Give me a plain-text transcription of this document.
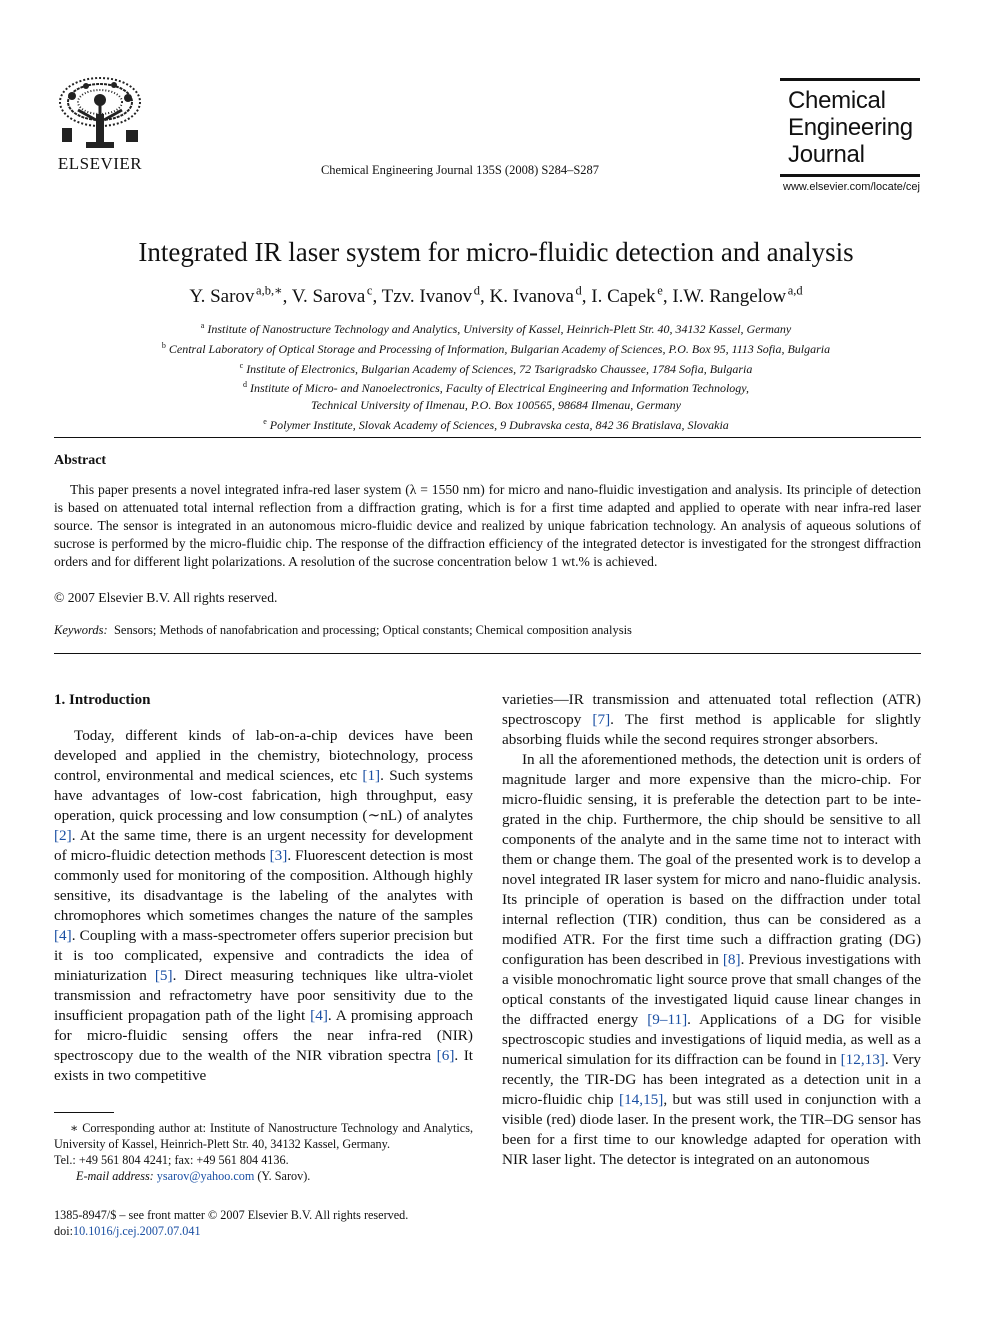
ELSEVIER	Chemical Engineering Journal 135S (2008) S284–S287
Chemical
Engineering
Journal
www.elsevier.com/locate/cej
Integrated IR laser system for micro-fluidic detection and analysis
Y. Sarov  $^{a,b,∗}$, V. Sarova  $^c$, Tzv. Ivanov  $^d$, K. Ivanova  $^d$, I. Capek  $^e$, I.W. Rangelow  $^{a,d}$
$^a$ Institute of Nanostructure Technology and Analytics, University of Kassel, Heinrich-Plett Str. 40, 34132 Kassel, Germany
$^b$ Central Laboratory of Optical Storage and Processing of Information, Bulgarian Academy of Sciences, P.O. Box 95, 1113 Sofia, Bulgaria
$^c$ Institute of Electronics, Bulgarian Academy of Sciences, 72 Tsarigradsko Chaussee, 1784 Sofia, Bulgaria
$^d$ Institute of Micro- and Nanoelectronics, Faculty of Electrical Engineering and Information Technology,
Technical University of Ilmenau, P.O. Box 100565, 98684 Ilmenau, Germany
$^e$ Polymer Institute, Slovak Academy of Sciences, 9 Dubravska cesta, 842 36 Bratislava, Slovakia
Abstract
This paper presents a novel integrated infra-red laser system (λ = 1550 nm) for micro and nano-fluidic investigation and analysis. Its principle of detection is based on attenuated total internal reflection from a diffraction grating, which is for a first time adapted and applied to operate with near infra-red laser source. The sensor is integrated in an autonomous micro-fluidic device and realized by unique fabrication technology. An analysis of aqueous solutions of sucrose is performed by the micro-fluidic chip. The response of the diffraction efficiency of the integrated detector is investigated for the strongest diffraction orders and for different light polarizations. A resolution of the sucrose concentration below 1 wt.% is achieved.
© 2007 Elsevier B.V. All rights reserved.
Keywords: Sensors; Methods of nanofabrication and processing; Optical constants; Chemical composition analysis
1. Introduction

Today, different kinds of lab-on-a-chip devices have been developed and applied in the chemistry, biotechnology, process control, environmental and medical sciences, etc [1]. Such systems have advantages of low-cost fabrication, high throughput, easy operation, quick processing and low consumption (∼nL) of analytes [2]. At the same time, there is an urgent necessity for development of micro-fluidic detection methods [3]. Fluorescent detection is most commonly used for monitoring of the composition. Although highly sensitive, its disadvantage is the labeling of the analytes with chromophores which sometimes changes the nature of the samples [4]. Coupling with a mass-spectrometer offers superior precision but it is too complicated, expensive and contradicts the idea of miniaturization [5]. Direct measuring techniques like ultra-violet transmission and refractometry have poor sensitivity due to the insufficient propagation path of the light [4]. A promising approach for micro-fluidic sensing offers the near infra-red (NIR) spectroscopy due to the wealth of the NIR vibration spectra [6]. It exists in two competitive

varieties—IR transmission and attenuated total reflection (ATR) spectroscopy [7]. The first method is applicable for slightly absorbing fluids while the second requires stronger absorbers.

In all the aforementioned methods, the detection unit is orders of magnitude larger and more expensive than the micro-chip. For micro-fluidic sensing, it is preferable the detection part to be integrated in the chip. Furthermore, the chip should be sensitive to all components of the analyte and in the same time not to interact with them or change them. The goal of the presented work is to develop a novel integrated IR laser system for micro and nano-fluidic analysis. Its principle of operation is based on the diffraction under total internal reflection (TIR) condition, thus can be considered as a modified ATR. For the first time such a diffraction grating (DG) configuration has been described in [8]. Previous investigations with a visible monochromatic light source prove that small changes of the optical constants of the investigated liquid cause linear changes in the diffracted energy [9–11]. Applications of a DG for visible spectroscopic studies and investigations of liquid media, as well as a numerical simulation for its diffraction can be found in [12,13]. Very recently, the TIR-DG has been integrated as a detection unit in a micro-fluidic chip [14,15], but was still used in conjunction with a visible (red) diode laser. In the present work, the TIR–DG sensor has been for a first time to our knowledge adapted for operation with NIR laser light. The detector is integrated on an autonomous

∗ Corresponding author at: Institute of Nanostructure Technology and Analytics, University of Kassel, Heinrich-Plett Str. 40, 34132 Kassel, Germany.
Tel.: +49 561 804 4241; fax: +49 561 804 4136.
E-mail address: ysarov@yahoo.com (Y. Sarov).
1385-8947/$ – see front matter © 2007 Elsevier B.V. All rights reserved.
doi:10.1016/j.cej.2007.07.041
